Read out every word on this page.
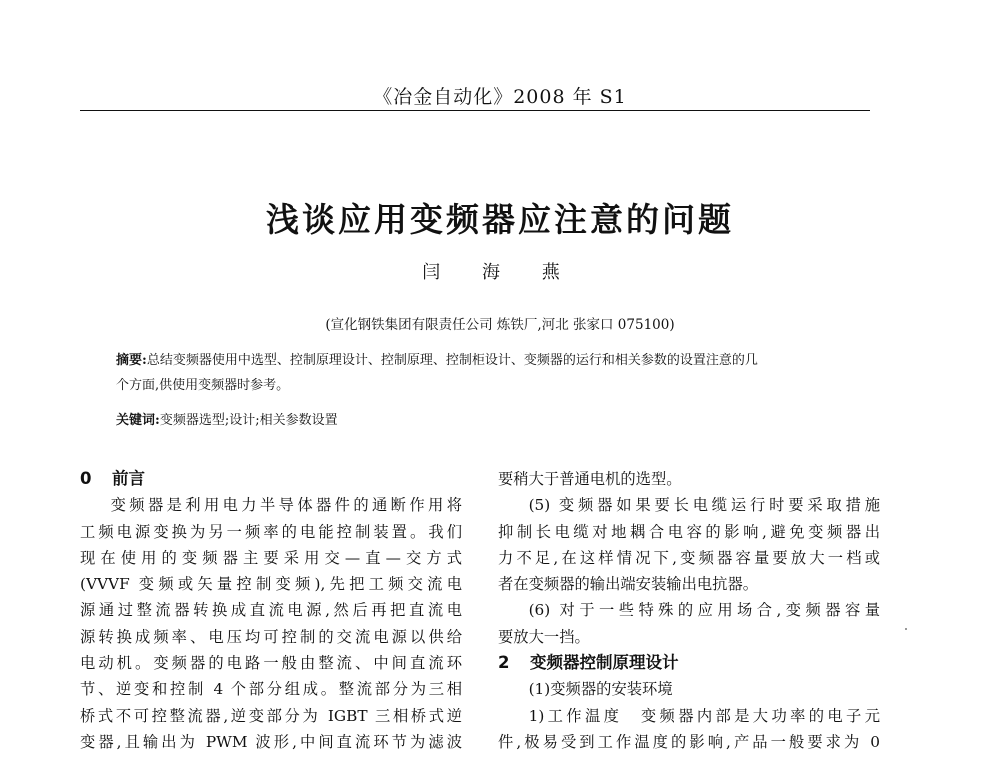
《冶金自动化》2008 年 S1
浅谈应用变频器应注意的问题
闫 海 燕
(宣化钢铁集团有限责任公司 炼铁厂,河北 张家口 075100)
摘要:总结变频器使用中选型、控制原理设计、控制原理、控制柜设计、变频器的运行和相关参数的设置注意的几
个方面,供使用变频器时参考。
关键词:变频器选型;设计;相关参数设置
0 前言
变频器是利用电力半导体器件的通断作用将
工频电源变换为另一频率的电能控制装置。我们
现在使用的变频器主要采用交—直—交方式
(VVVF 变频或矢量控制变频),先把工频交流电
源通过整流器转换成直流电源,然后再把直流电
源转换成频率、电压均可控制的交流电源以供给
电动机。变频器的电路一般由整流、中间直流环
节、逆变和控制 4 个部分组成。整流部分为三相
桥式不可控整流器,逆变部分为 IGBT 三相桥式逆
变器,且输出为 PWM 波形,中间直流环节为滤波
要稍大于普通电机的选型。
(5) 变频器如果要长电缆运行时要采取措施
抑制长电缆对地耦合电容的影响,避免变频器出
力不足,在这样情况下,变频器容量要放大一档或
者在变频器的输出端安装输出电抗器。
(6) 对于一些特殊的应用场合,变频器容量
要放大一挡。
2 变频器控制原理设计
(1)变频器的安装环境
1)工作温度　变频器内部是大功率的电子元
件,极易受到工作温度的影响,产品一般要求为 0
